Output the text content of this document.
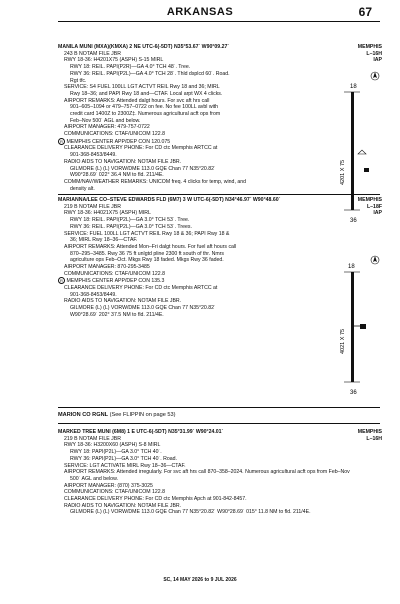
ARKANSAS	67
MANILA MUNI (MXA)(KMXA) 2 NE UTC-6(-5DT) N35°53.67´ W90°09.27´
243 B NOTAM FILE JBR
RWY 18-36: H4201X75 (ASPH) S-15 MIRL
RWY 18: REIL. PAPI(P2R)—GA 4.0° TCH 48´. Tree.
RWY 36: REIL. PAPI(P2L)—GA 4.0° TCH 28´. Thld dsplcd 60´. Road.
Rgt tfc.
SERVICE: S4 FUEL 100LL LGT ACTVT REIL Rwy 18 and 36; MIRL
Rwy 18–36; and PAPI Rwy 18 and—CTAF. Local arpt WX 4 clicks.
AIRPORT REMARKS: Attended dalgt hours. For svc aft hrs call
901–605–1094 or 479–757–0722 on fee. No fee 100LL avbl with
credit card 1400Z to 2300Z‡. Numerous agricultural acft ops from
Feb–Nov 500´ AGL and below.
AIRPORT MANAGER: 479-757-0722
COMMUNICATIONS: CTAF/UNICOM 122.8
R MEMPHIS CENTER APP/DEP CON 120.075
CLEARANCE DELIVERY PHONE: For CD ctc Memphis ARTCC at
901-368-8453/8449.
RADIO AIDS TO NAVIGATION: NOTAM FILE JBR.
GILMORE (L) (L) VORW/DME 113.0 GQE Chan 77 N35°20.82´
W90°28.69´ 022° 36.4 NM to fld. 211/4E.
COMM/NAV/WEATHER REMARKS: UNICOM freq. 4 clicks for temp, wind, and
density alt.
MEMPHIS
L–16H
IAP
18
4201 X 75
36
MARIANNA/LEE CO–STEVE EDWARDS FLD (6M7) 3 W UTC-6(-5DT) N34°46.97´ W90°48.60´
219 B NOTAM FILE JBR
RWY 18-36: H4021X75 (ASPH) MIRL
RWY 18: REIL. PAPI(P2L)—GA 3.0° TCH 53´. Tree.
RWY 36: REIL. PAPI(P2L)—GA 3.0° TCH 53´. Trees.
SERVICE: FUEL 100LL LGT ACTVT REIL Rwy 18 & 36; PAPI Rwy 18 &
36; MIRL Rwy 18–36—CTAF.
AIRPORT REMARKS: Attended Mon–Fri dalgt hours. For fuel aft hours call
870–295–3485. Rwy 36 75 ft unlgtd pline 2300 ft south of thr. Nmrs
agriculture ops Feb–Oct. Mkgs Rwy 18 faded. Mkgs Rwy 36 faded.
AIRPORT MANAGER: 870-295-3485
COMMUNICATIONS: CTAF/UNICOM 122.8
R MEMPHIS CENTER APP/DEP CON 135.3
CLEARANCE DELIVERY PHONE: For CD ctc Memphis ARTCC at
901-368-8453/8449.
RADIO AIDS TO NAVIGATION: NOTAM FILE JBR.
GILMORE (L) (L) VORW/DME 113.0 GQE Chan 77 N35°20.82´
W90°28.69´ 202° 37.5 NM to fld. 211/4E.
MEMPHIS
L–18F
IAP
18
4021 X 75
36
MARION CO RGNL (See FLIPPIN on page 53)
MARKED TREE MUNI (6M8) 1 E UTC-6(-5DT) N35°31.99´ W90°24.01´
219 B NOTAM FILE JBR
RWY 18-36: H3200X60 (ASPH) S-8 MIRL
RWY 18: PAPI(P2L)—GA 3.0° TCH 40´.
RWY 36: PAPI(P2L)—GA 3.0° TCH 40´. Road.
SERVICE: LGT ACTIVATE MIRL Rwy 18–36—CTAF.
AIRPORT REMARKS: Attended irregularly. For svc aft hrs call 870–358–2024. Numerous agricultural acft ops from Feb–Nov
500´ AGL and below.
AIRPORT MANAGER: (870) 375-3025
COMMUNICATIONS: CTAF/UNICOM 122.8
CLEARANCE DELIVERY PHONE: For CD ctc Memphis Apch at 901-842-8457.
RADIO AIDS TO NAVIGATION: NOTAM FILE JBR.
GILMORE (L) (L) VORW/DME 113.0 GQE Chan 77 N35°20.82´ W90°28.69´ 015° 11.8 NM to fld. 211/4E.
MEMPHIS
L–16H
SC, 14 MAY 2026 to 9 JUL 2026
